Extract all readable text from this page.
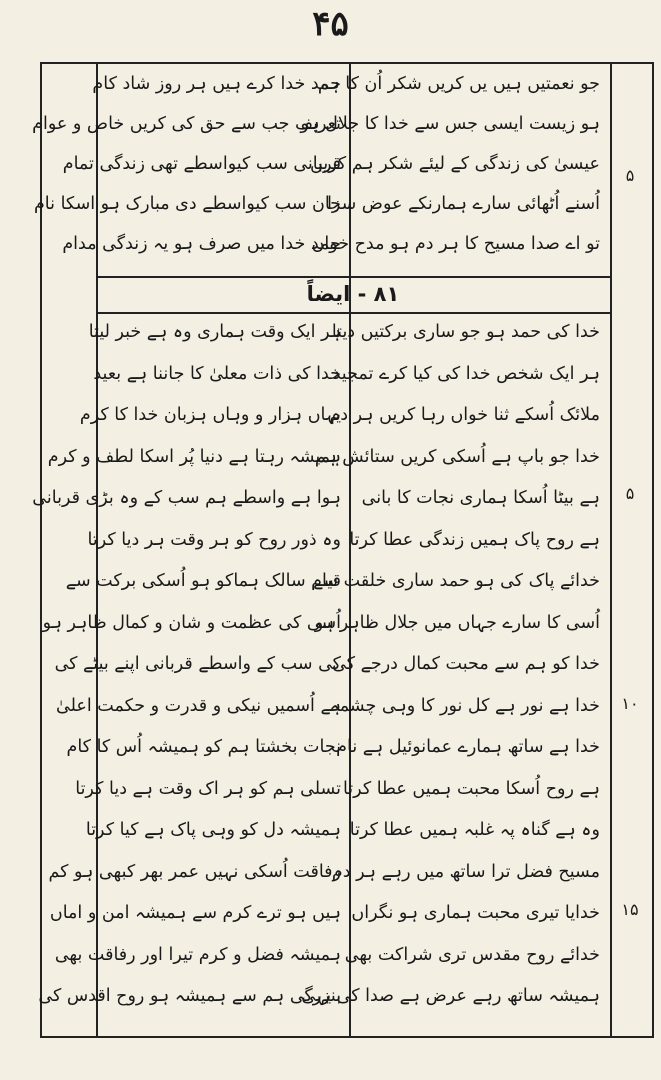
۴۵
۸۱ - ایضاً
جو نعمتیں ہیں یں کریں شکر اُن کا ہم
ہو زیست ایسی جس سے خدا کا جلال ہو
عیسیٰ کی زندگی کے لیئے شکر ہم کریں
اُسنے اُٹھائی سارے ہمارنکے عوض سزا
تو اے صدا مسیح کا ہر دم ہو مدح خواں
حمد خدا کرے ہیں ہر روز شاد کام
تعریف جب سے حق کی کریں خاص و عوام
قربانی سب کیواسطے تھی زندگی تمام
جان سب کیواسطے دی مبارک ہو اسکا نام
حمد خدا میں صرف ہو یہ زندگی مدام
۵
خدا کی حمد ہو جو ساری برکتیں دیتا
ہر ایک شخص خدا کی کیا کرے تمجید
ملائک اُسکے ثنا خواں رہا کریں ہر دم
خدا جو باپ ہے اُسکی کریں ستائش ہم
ہے بیٹا اُسکا ہماری نجات کا بانی
ہے روح پاک ہمیں زندگی عطا کرتا
خدائے پاک کی ہو حمد ساری خلقت سے
اُسی کا سارے جہاں میں جلال ظاہر ہو
خدا کو ہم سے محبت کمال درجے کی
خدا ہے نور ہے کل نور کا وہی چشمہ
خدا ہے ساتھ ہمارے عمانوئیل ہے نام
ہے روح اُسکا محبت ہمیں عطا کرتا
وہ ہے گناہ پہ غلبہ ہمیں عطا کرتا
مسیح فضل ترا ساتھ میں رہے ہر دم
خدایا تیری محبت ہماری ہو نگراں
خدائے روح مقدس تری شراکت بھی
ہمیشہ ساتھ رہے عرض ہے صدا کی یہی
ہر ایک وقت ہماری وہ ہے خبر لیتا
خدا کی ذات معلیٰ کا جاننا ہے بعید
یہاں ہزار و وہاں ہزبان خدا کا کرم
ہمیشہ رہتا ہے دنیا پُر اسکا لطف و کرم
ہوا ہے واسطے ہم سب کے وہ بڑی قربانی
وہ ذور روح کو ہر وقت ہر دیا کرتا
قیام سالک ہماکو ہو اُسکی برکت سے
اُسی کی عظمت و شان و کمال ظاہر ہو
کی سب کے واسطے قربانی اپنے بیٹے کی
ہے اُسمیں نیکی و قدرت و حکمت اعلیٰ
نجات بخشتا ہم کو ہمیشہ اُس کا کام
تسلی ہم کو ہر اک وقت ہے دیا کرتا
ہمیشہ دل کو وہی پاک ہے کیا کرتا
رفاقت اُسکی نہیں عمر بھر کبھی ہو کم
ہیں ہو ترے کرم سے ہمیشہ امن و اماں
ہمیشہ فضل و کرم تیرا اور رفاقت بھی
بنزرگی ہم سے ہمیشہ ہو روح اقدس کی
۵
۱۰
۱۵
